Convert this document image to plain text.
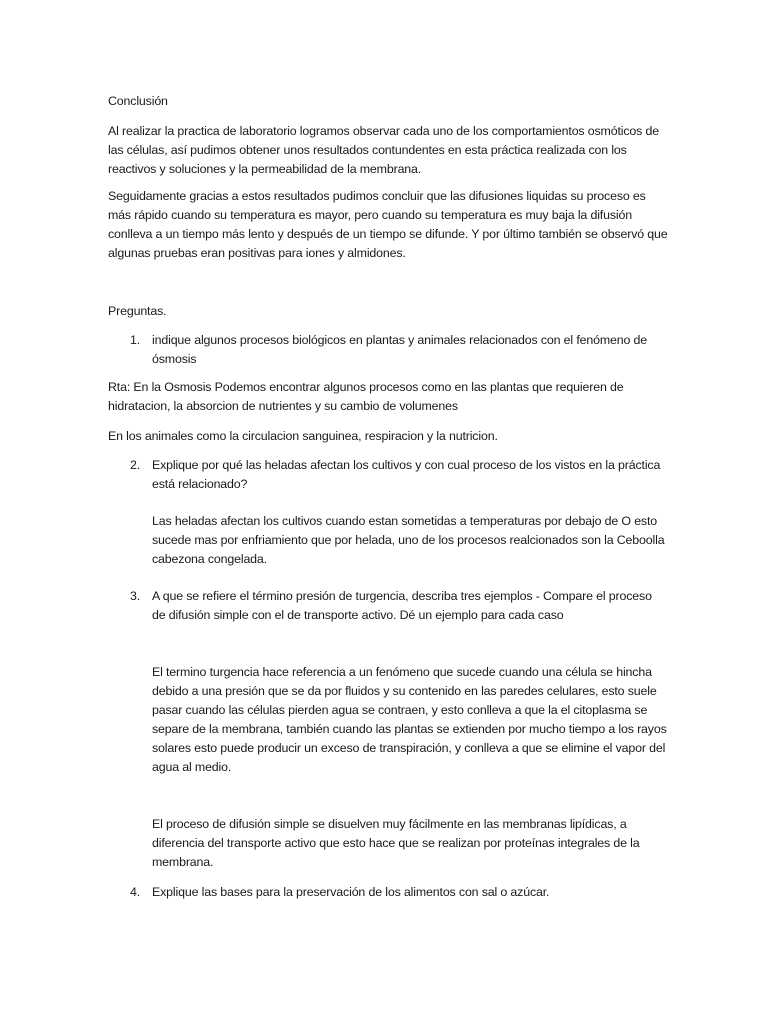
Conclusión

Al realizar la practica de laboratorio logramos observar cada uno de los comportamientos osmóticos de las células, así pudimos obtener unos resultados contundentes en esta práctica realizada con los reactivos y soluciones y la permeabilidad de la membrana.

Seguidamente gracias a estos resultados pudimos concluir que las difusiones liquidas su proceso es más rápido cuando su temperatura es mayor, pero cuando su temperatura es muy baja la difusión conlleva a un tiempo más lento y después de un tiempo se difunde. Y por último también se observó que algunas pruebas eran positivas para iones y almidones.

Preguntas.

1. indique algunos procesos biológicos en plantas y animales relacionados con el fenómeno de ósmosis

Rta: En la Osmosis Podemos encontrar algunos procesos como en las plantas que requieren de hidratacion, la absorcion de nutrientes y su cambio de volumenes

En los animales como la circulacion sanguinea, respiracion y la nutricion.

2. Explique por qué las heladas afectan los cultivos y con cual proceso de los vistos en la práctica está relacionado?

Las heladas afectan los cultivos cuando estan sometidas a temperaturas por debajo de O esto sucede mas por enfriamiento que por helada, uno de los procesos realcionados son la Ceboolla cabezona congelada.

3. A que se refiere el término presión de turgencia, describa tres ejemplos - Compare el proceso de difusión simple con el de transporte activo. Dé un ejemplo para cada caso

El termino turgencia hace referencia a un fenómeno que sucede cuando una célula se hincha debido a una presión que se da por fluidos y su contenido en las paredes celulares, esto suele pasar cuando las células pierden agua se contraen, y esto conlleva a que la el citoplasma se separe de la membrana, también cuando las plantas se extienden por mucho tiempo a los rayos solares esto puede producir un exceso de transpiración, y conlleva a que se elimine el vapor del agua al medio.

El proceso de difusión simple se disuelven muy fácilmente en las membranas lipídicas, a diferencia del transporte activo que esto hace que se realizan por proteínas integrales de la membrana.

4. Explique las bases para la preservación de los alimentos con sal o azúcar.
